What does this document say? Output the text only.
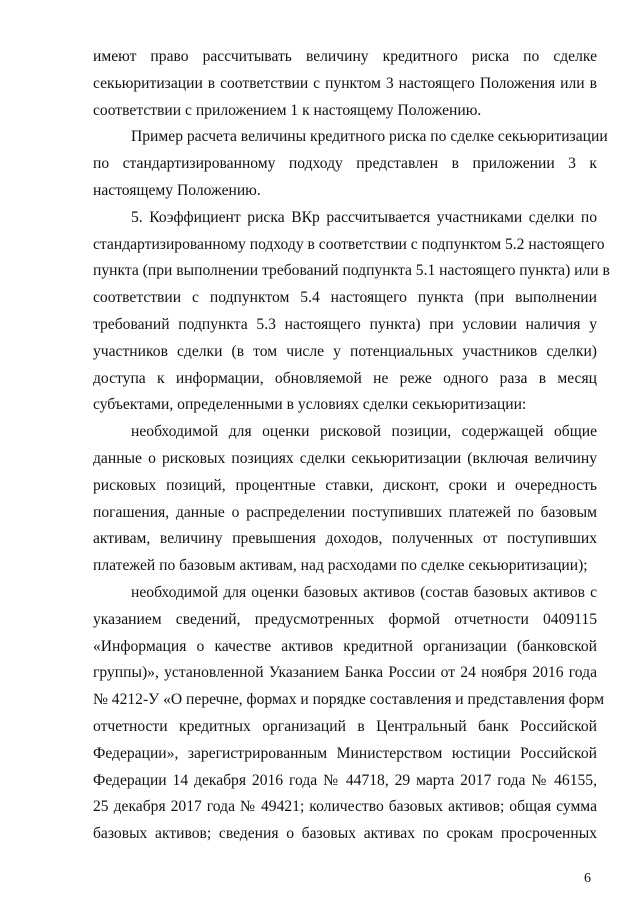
имеют право рассчитывать величину кредитного риска по сделке
секьюритизации в соответствии с пунктом 3 настоящего Положения или в
соответствии с приложением 1 к настоящему Положению.

Пример расчета величины кредитного риска по сделке секьюритизации
по стандартизированному подходу представлен в приложении 3 к
настоящему Положению.

5. Коэффициент риска ВКр рассчитывается участниками сделки по
стандартизированному подходу в соответствии с подпунктом 5.2 настоящего
пункта (при выполнении требований подпункта 5.1 настоящего пункта) или в
соответствии с подпунктом 5.4 настоящего пункта (при выполнении
требований подпункта 5.3 настоящего пункта) при условии наличия у
участников сделки (в том числе у потенциальных участников сделки)
доступа к информации, обновляемой не реже одного раза в месяц
субъектами, определенными в условиях сделки секьюритизации:

необходимой для оценки рисковой позиции, содержащей общие
данные о рисковых позициях сделки секьюритизации (включая величину
рисковых позиций, процентные ставки, дисконт, сроки и очередность
погашения, данные о распределении поступивших платежей по базовым
активам, величину превышения доходов, полученных от поступивших
платежей по базовым активам, над расходами по сделке секьюритизации);

необходимой для оценки базовых активов (состав базовых активов с
указанием сведений, предусмотренных формой отчетности 0409115
«Информация о качестве активов кредитной организации (банковской
группы)», установленной Указанием Банка России от 24 ноября 2016 года
№ 4212-У «О перечне, формах и порядке составления и представления форм
отчетности кредитных организаций в Центральный банк Российской
Федерации», зарегистрированным Министерством юстиции Российской
Федерации 14 декабря 2016 года № 44718, 29 марта 2017 года № 46155,
25 декабря 2017 года № 49421; количество базовых активов; общая сумма
базовых активов; сведения о базовых активах по срокам просроченных

6
